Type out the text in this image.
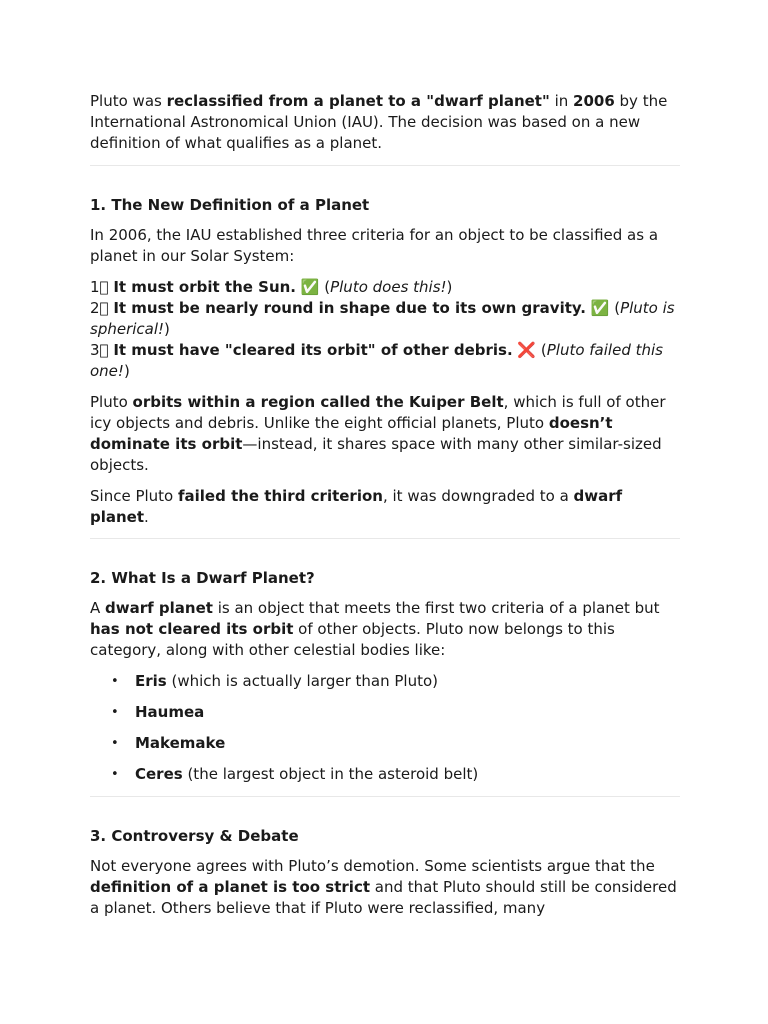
Pluto was reclassified from a planet to a "dwarf planet" in 2006 by the International Astronomical Union (IAU). The decision was based on a new definition of what qualifies as a planet.

1. The New Definition of a Planet

In 2006, the IAU established three criteria for an object to be classified as a planet in our Solar System:

1⃣ It must orbit the Sun. ✅ (Pluto does this!)
2⃣ It must be nearly round in shape due to its own gravity. ✅ (Pluto is spherical!)
3⃣ It must have "cleared its orbit" of other debris. ❌ (Pluto failed this one!)

Pluto orbits within a region called the Kuiper Belt, which is full of other icy objects and debris. Unlike the eight official planets, Pluto doesn’t dominate its orbit—instead, it shares space with many other similar-sized objects.

Since Pluto failed the third criterion, it was downgraded to a dwarf planet.

2. What Is a Dwarf Planet?

A dwarf planet is an object that meets the first two criteria of a planet but has not cleared its orbit of other objects. Pluto now belongs to this category, along with other celestial bodies like:

• Eris (which is actually larger than Pluto)
• Haumea
• Makemake
• Ceres (the largest object in the asteroid belt)
3. Controversy & Debate

Not everyone agrees with Pluto’s demotion. Some scientists argue that the definition of a planet is too strict and that Pluto should still be considered a planet. Others believe that if Pluto were reclassified, many
